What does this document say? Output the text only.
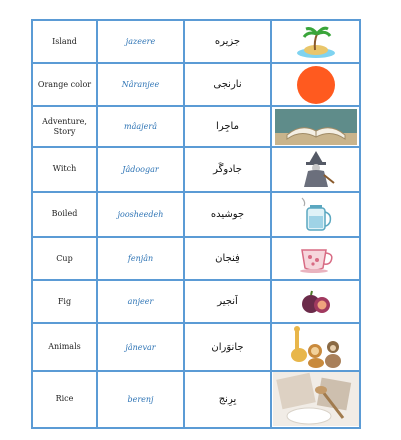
Island	jazeere	جزیره	

Orange color	Nâranjee	نارنجی	

Adventure,
Story	mâajerâ	ماجِرا	

Witch	Jâdoogar	جادوگَر	

Boiled	joosheedeh	جوشیده	

Cup	fenjân	فِنجان	

Fig	anjeer	اَنجیر	

Animals	jânevar	جانوَران	

Rice	berenj	بِرِنج	
